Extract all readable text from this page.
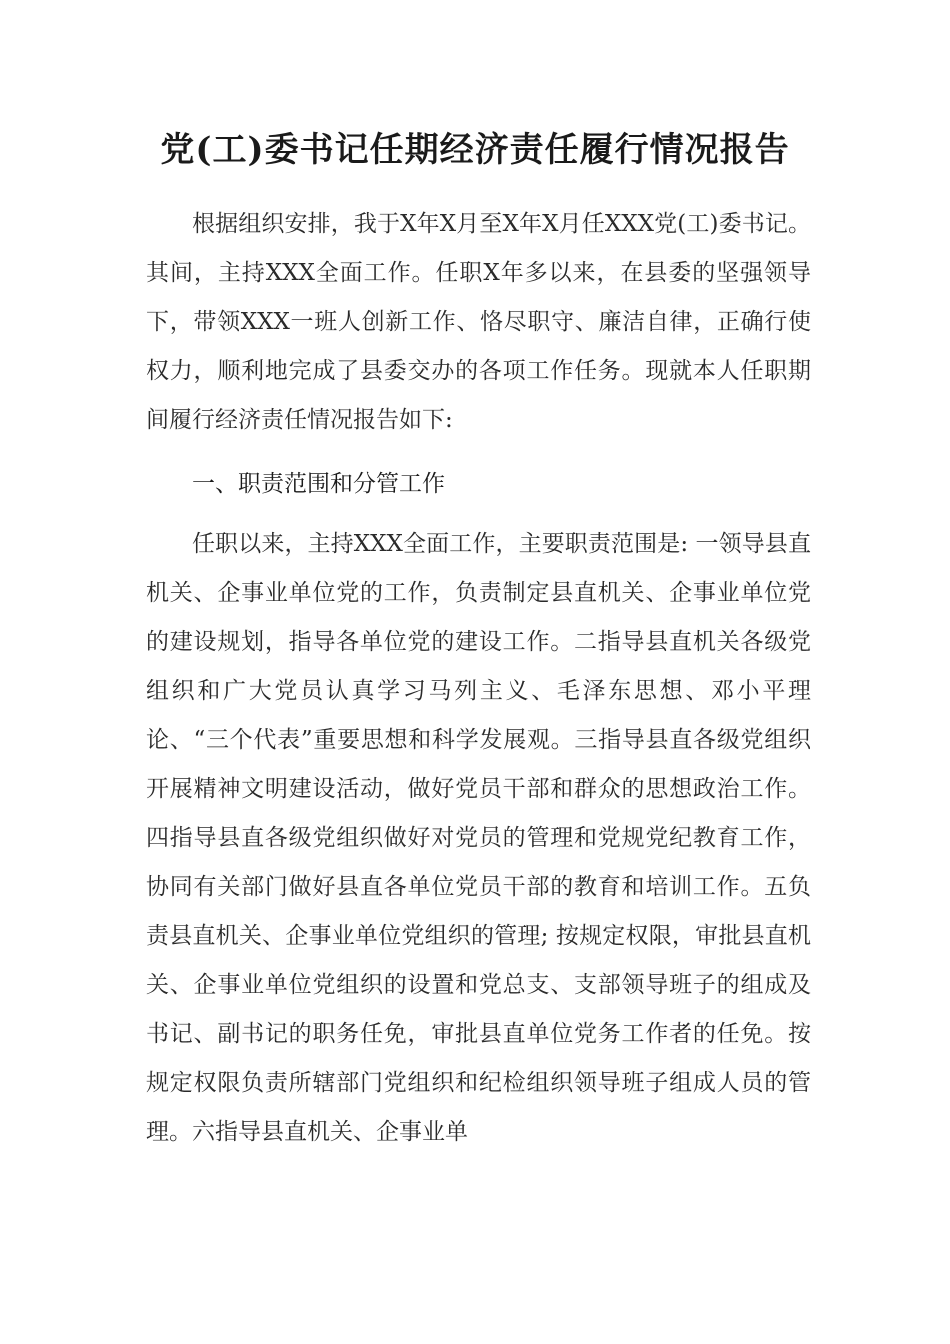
党(工)委书记任期经济责任履行情况报告

根据组织安排，我于X年X月至X年X月任XXX党(工)委书记。其间，主持XXX全面工作。任职X年多以来，在县委的坚强领导下，带领XXX一班人创新工作、恪尽职守、廉洁自律，正确行使权力，顺利地完成了县委交办的各项工作任务。现就本人任职期间履行经济责任情况报告如下:

一、职责范围和分管工作

任职以来，主持XXX全面工作，主要职责范围是: 一领导县直机关、企事业单位党的工作，负责制定县直机关、企事业单位党的建设规划，指导各单位党的建设工作。二指导县直机关各级党组织和广大党员认真学习马列主义、毛泽东思想、邓小平理论、“三个代表”重要思想和科学发展观。三指导县直各级党组织开展精神文明建设活动，做好党员干部和群众的思想政治工作。四指导县直各级党组织做好对党员的管理和党规党纪教育工作，协同有关部门做好县直各单位党员干部的教育和培训工作。五负责县直机关、企事业单位党组织的管理; 按规定权限，审批县直机关、企事业单位党组织的设置和党总支、支部领导班子的组成及书记、副书记的职务任免，审批县直单位党务工作者的任免。按规定权限负责所辖部门党组织和纪检组织领导班子组成人员的管理。六指导县直机关、企事业单
